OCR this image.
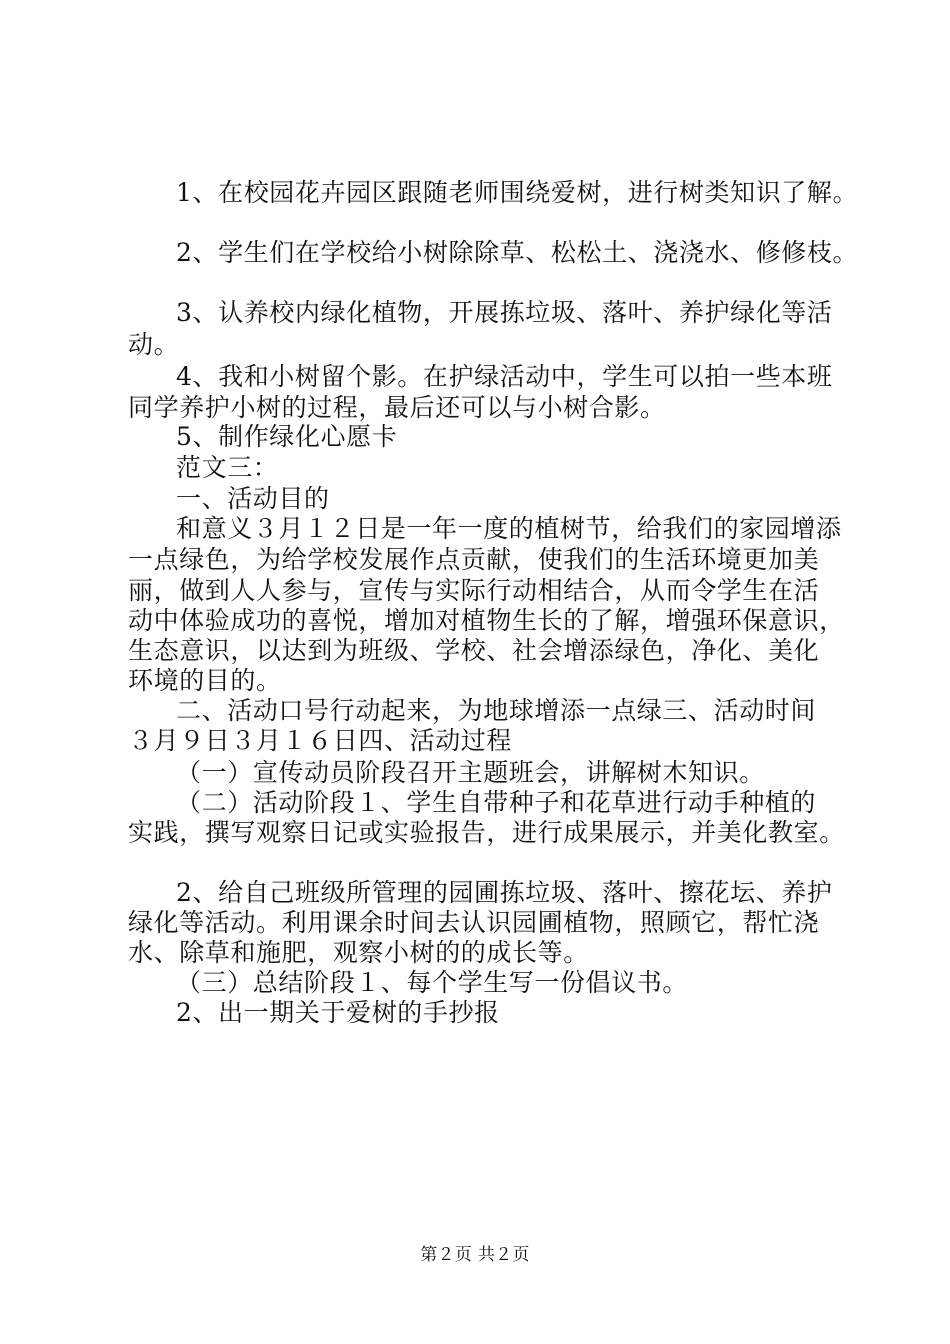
1、在校园花卉园区跟随老师围绕爱树，进行树类知识了解。
2、学生们在学校给小树除除草、松松土、浇浇水、修修枝。
3、认养校内绿化植物，开展拣垃圾、落叶、养护绿化等活
动。
4、我和小树留个影。在护绿活动中，学生可以拍一些本班
同学养护小树的过程，最后还可以与小树合影。
5、制作绿化心愿卡
范文三：
一、活动目的
和意义３月１２日是一年一度的植树节，给我们的家园增添
一点绿色，为给学校发展作点贡献，使我们的生活环境更加美
丽，做到人人参与，宣传与实际行动相结合，从而令学生在活
动中体验成功的喜悦，增加对植物生长的了解，增强环保意识，
生态意识，以达到为班级、学校、社会增添绿色，净化、美化
环境的目的。
二、活动口号行动起来，为地球增添一点绿三、活动时间
３月９日３月１６日四、活动过程
（一）宣传动员阶段召开主题班会，讲解树木知识。
（二）活动阶段１、学生自带种子和花草进行动手种植的
实践，撰写观察日记或实验报告，进行成果展示，并美化教室。
2、给自己班级所管理的园圃拣垃圾、落叶、擦花坛、养护
绿化等活动。利用课余时间去认识园圃植物，照顾它，帮忙浇
水、除草和施肥，观察小树的的成长等。
（三）总结阶段１、每个学生写一份倡议书。
2、出一期关于爱树的手抄报
第２页 共２页
